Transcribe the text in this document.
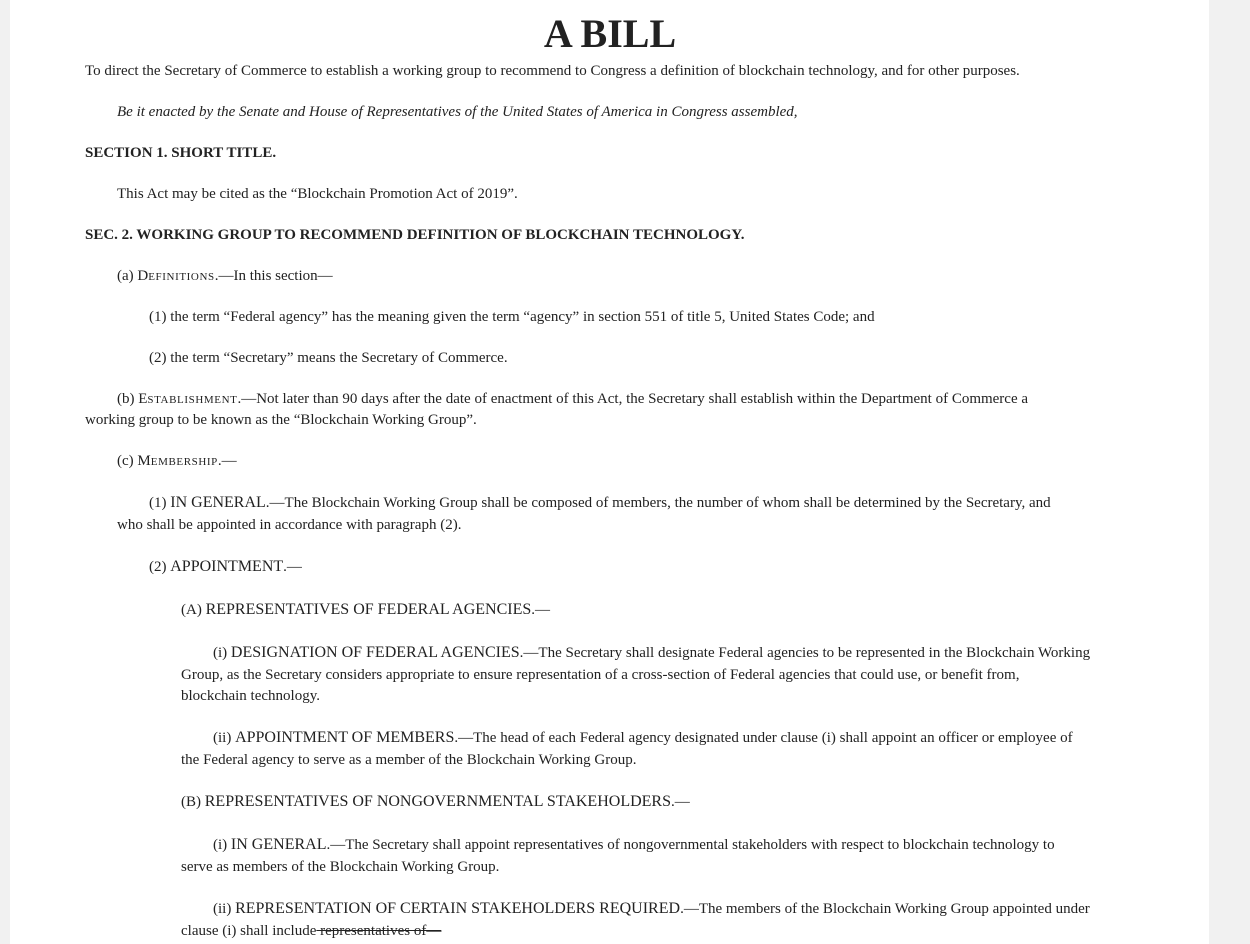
A BILL
To direct the Secretary of Commerce to establish a working group to recommend to Congress a definition of blockchain technology, and for other purposes.
Be it enacted by the Senate and House of Representatives of the United States of America in Congress assembled,
SECTION 1. SHORT TITLE.
This Act may be cited as the “Blockchain Promotion Act of 2019”.
SEC. 2. WORKING GROUP TO RECOMMEND DEFINITION OF BLOCKCHAIN TECHNOLOGY.
(a) DEFINITIONS.—In this section—
(1) the term “Federal agency” has the meaning given the term “agency” in section 551 of title 5, United States Code; and
(2) the term “Secretary” means the Secretary of Commerce.
(b) ESTABLISHMENT.—Not later than 90 days after the date of enactment of this Act, the Secretary shall establish within the Department of Commerce a
working group to be known as the “Blockchain Working Group”.
(c) MEMBERSHIP.—
(1) IN GENERAL.—The Blockchain Working Group shall be composed of members, the number of whom shall be determined by the Secretary, and
who shall be appointed in accordance with paragraph (2).
(2) APPOINTMENT.—
(A) REPRESENTATIVES OF FEDERAL AGENCIES.—
(i) DESIGNATION OF FEDERAL AGENCIES.—The Secretary shall designate Federal agencies to be represented in the Blockchain Working
Group, as the Secretary considers appropriate to ensure representation of a cross-section of Federal agencies that could use, or benefit from,
blockchain technology.
(ii) APPOINTMENT OF MEMBERS.—The head of each Federal agency designated under clause (i) shall appoint an officer or employee of
the Federal agency to serve as a member of the Blockchain Working Group.
(B) REPRESENTATIVES OF NONGOVERNMENTAL STAKEHOLDERS.—
(i) IN GENERAL.—The Secretary shall appoint representatives of nongovernmental stakeholders with respect to blockchain technology to
serve as members of the Blockchain Working Group.
(ii) REPRESENTATION OF CERTAIN STAKEHOLDERS REQUIRED.—The members of the Blockchain Working Group appointed under
clause (i) shall include representatives of—
